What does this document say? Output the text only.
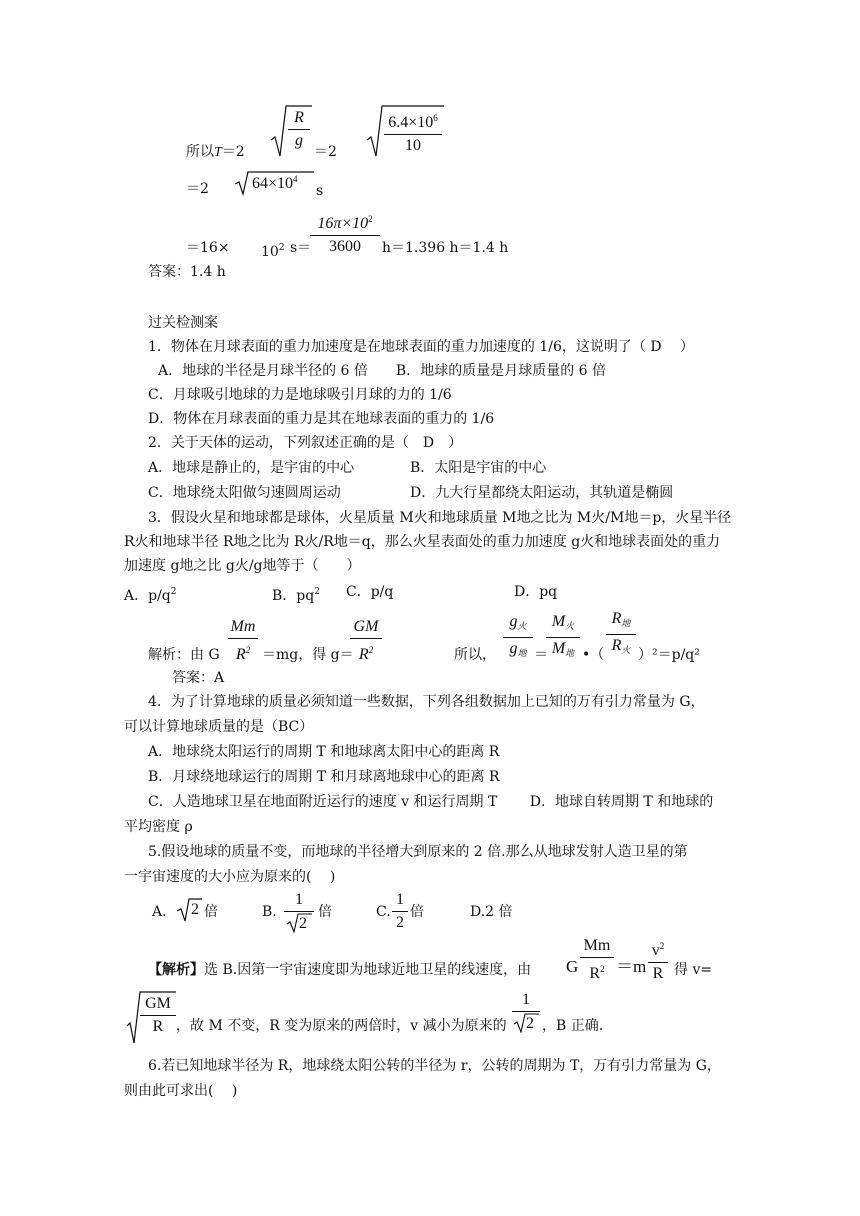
所以T＝2
R
g
＝2
$6.4\times 10^6$
10
＝2	$64\times 10^4$
s
$=16\times 10^2$ s＝
$16\pi\times 10^2$
3600	h＝1.396 h＝1.4 h
答案：1.4 h
过关检测案
1．物体在月球表面的重力加速度是在地球表面的重力加速度的 1/6，这说明了（ D　 ）
A．地球的半径是月球半径的 6 倍　　B．地球的质量是月球质量的 6 倍
C．月球吸引地球的力是地球吸引月球的力的 1/6
D．物体在月球表面的重力是其在地球表面的重力的 1/6
2．关于天体的运动，下列叙述正确的是（　D　）
A．地球是静止的，是宇宙的中心	B．太阳是宇宙的中心
C．地球绕太阳做匀速圆周运动	D．九大行星都绕太阳运动，其轨道是椭圆
3．假设火星和地球都是球体，火星质量 M火和地球质量 M地之比为 M火/M地＝p，火星半径
R火和地球半径 R地之比为 R火/R地＝q，那么火星表面处的重力加速度 g火和地球表面处的重力
加速度 g地之比 g火/g地等于（　　）
A．$p/q^2$	B．$pq^2$ C．p/q	D．pq
解析：由 G
Mm
$R^2 =mg$，得 g＝
GM
$R^2$	所以，
$g_火$
$g_地$ ＝
$M_火$
$M_地$ •（
$R_地$
$R_火$ ）²＝p/q²
答案：A
4．为了计算地球的质量必须知道一些数据，下列各组数据加上已知的万有引力常量为 G，
可以计算地球质量的是（BC）
A．地球绕太阳运行的周期 T 和地球离太阳中心的距离 R
B．月球绕地球运行的周期 T 和月球离地球中心的距离 R
C．人造地球卫星在地面附近运行的速度 v 和运行周期 T　　 D．地球自转周期 T 和地球的
平均密度 ρ
5.假设地球的质量不变，而地球的半径增大到原来的 2 倍.那么从地球发射人造卫星的第
一宇宙速度的大小应为原来的(　 )
A. 2 倍	B.
1
2
倍	C.
1
2
倍	D.2 倍
【解析】选 B.因第一宇宙速度即为地球近地卫星的线速度，由 G
Mm
$R^2 =m$
$v^2$
R 得 v=
GM
R ，故 M 不变，R 变为原来的两倍时，v 减小为原来的
1
2 ，B 正确.
6.若已知地球半径为 R，地球绕太阳公转的半径为 r，公转的周期为 T，万有引力常量为 G，
则由此可求出(　 )
